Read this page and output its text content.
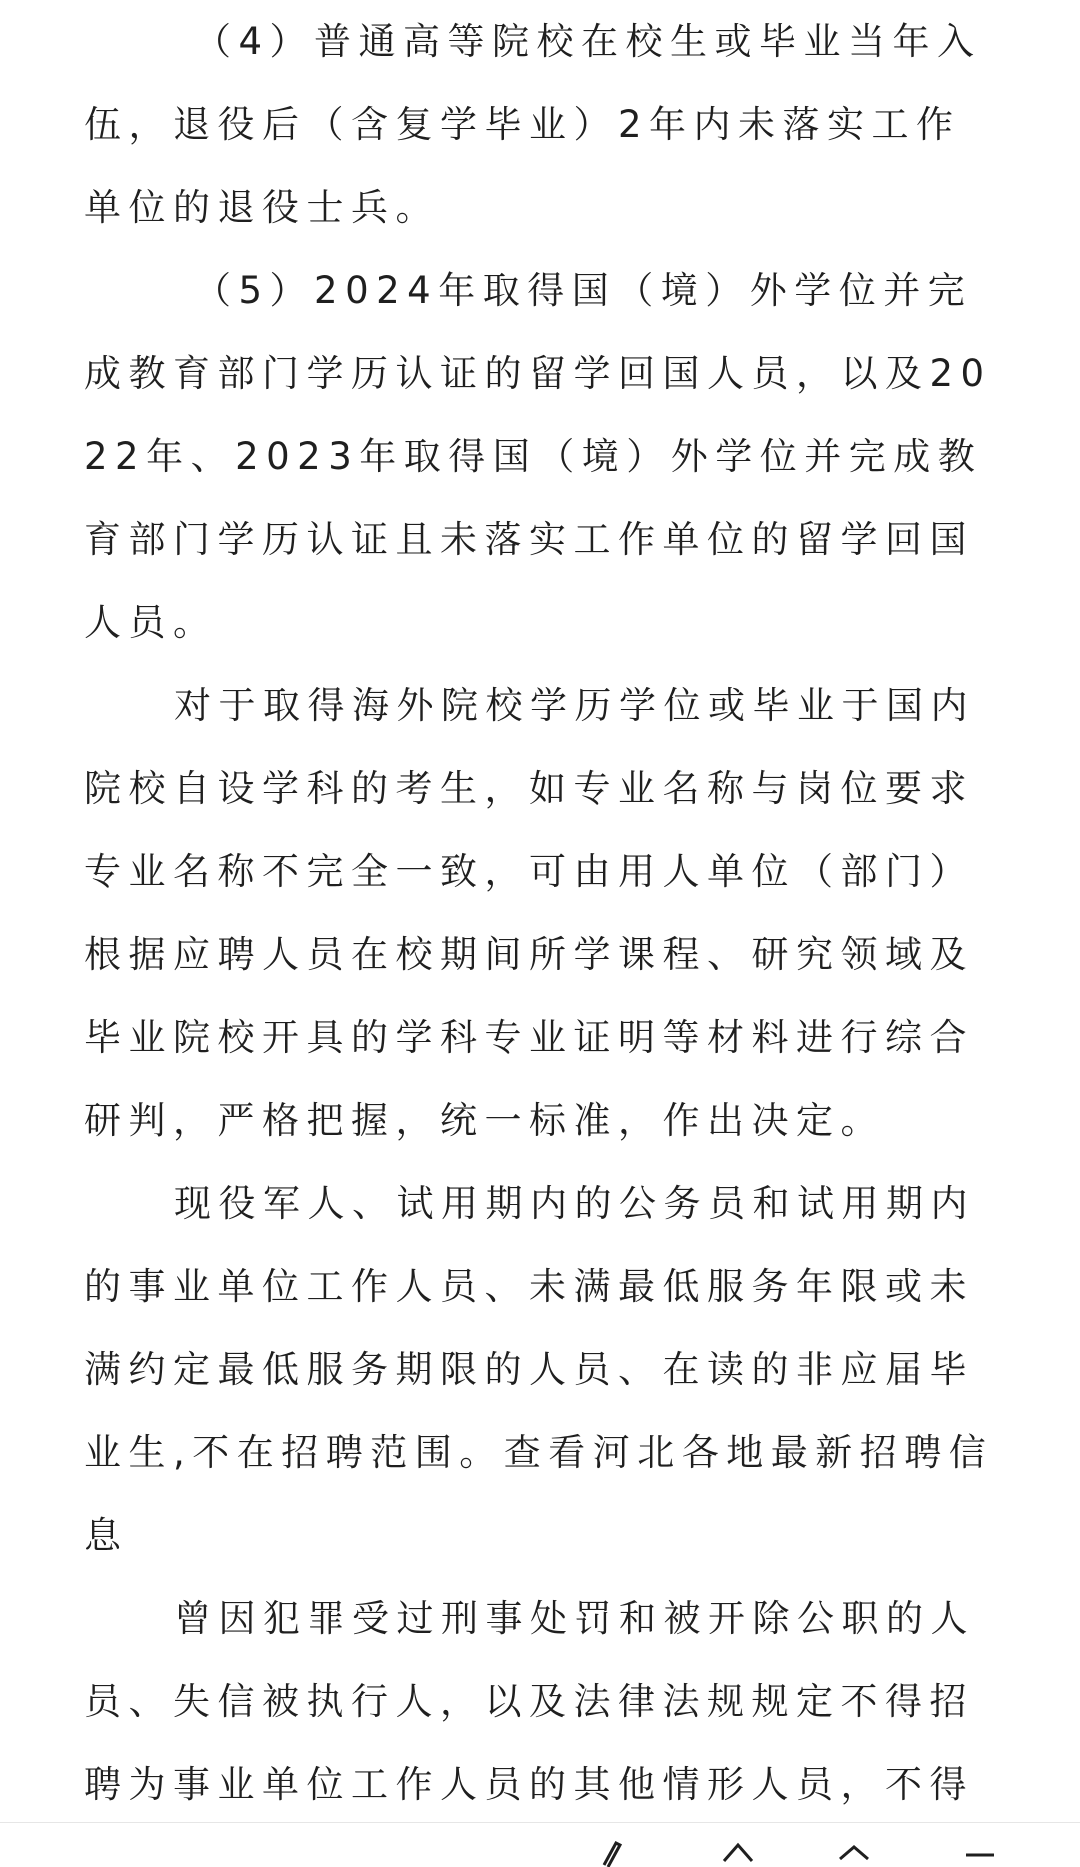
（4）普通高等院校在校生或毕业当年入伍，退役后（含复学毕业）2年内未落实工作单位的退役士兵。

（5）2024年取得国（境）外学位并完成教育部门学历认证的留学回国人员，以及2022年、2023年取得国（境）外学位并完成教育部门学历认证且未落实工作单位的留学回国人员。

对于取得海外院校学历学位或毕业于国内院校自设学科的考生，如专业名称与岗位要求专业名称不完全一致，可由用人单位（部门）根据应聘人员在校期间所学课程、研究领域及毕业院校开具的学科专业证明等材料进行综合研判，严格把握，统一标准，作出决定。

现役军人、试用期内的公务员和试用期内的事业单位工作人员、未满最低服务年限或未满约定最低服务期限的人员、在读的非应届毕业生,不在招聘范围。查看河北各地最新招聘信息

曾因犯罪受过刑事处罚和被开除公职的人员、失信被执行人，以及法律法规规定不得招聘为事业单位工作人员的其他情形人员，不得
